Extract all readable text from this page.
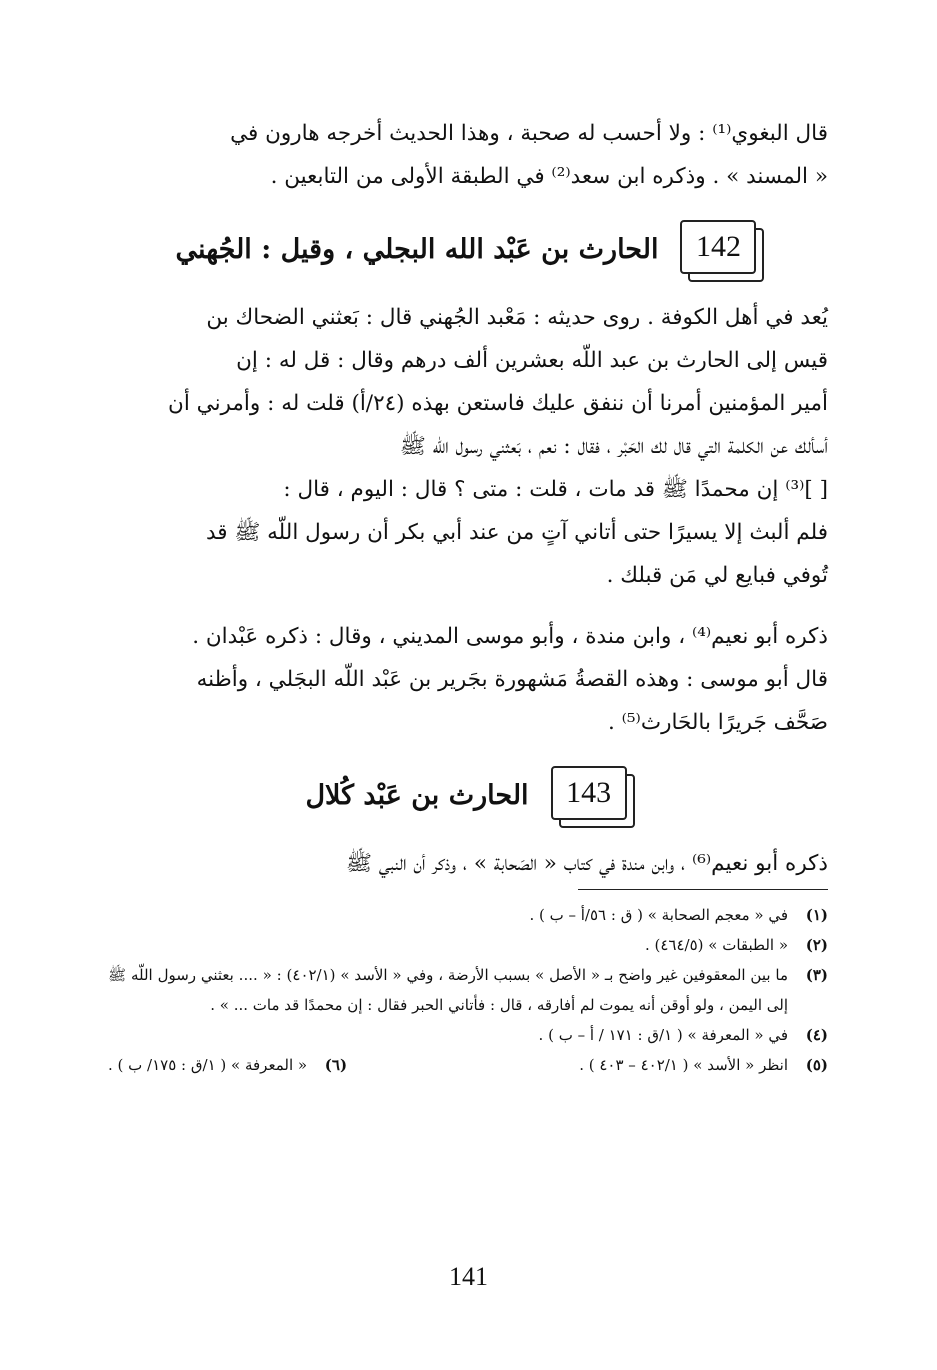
قال البغوي⁽¹⁾ : ولا أحسب له صحبة ، وهذا الحديث أخرجه هارون في

« المسند » . وذكره ابن سعد⁽²⁾ في الطبقة الأولى من التابعين .

142
الحارث بن عَبْد الله البجلي ، وقيل : الجُهني

يُعد في أهل الكوفة . روى حديثه : مَعْبد الجُهني قال : بَعثني الضحاك بن

قيس إلى الحارث بن عبد اللّه بعشرين ألف درهم وقال : قل له : إن

أمير المؤمنين أمرنا أن ننفق عليك فاستعن بهذه (٢٤/أ) قلت له : وأمرني أن

أسألك عن الكلمة التي قال لك الحَبْر ، فقال : نعم ، بَعثني رسول اللّه ﷺ

[ ]⁽³⁾ إن محمدًا ﷺ قد مات ، قلت : متى ؟ قال : اليوم ، قال :

فلم ألبث إلا يسيرًا حتى أتاني آتٍ من عند أبي بكر أن رسول اللّه ﷺ قد

تُوفي فبايع لي مَن قبلك .

ذكره أبو نعيم⁽⁴⁾ ، وابن مندة ، وأبو موسى المديني ، وقال : ذكره عَبْدان .

قال أبو موسى : وهذه القصةُ مَشهورة بجَرير بن عَبْد اللّه البجَلي ، وأظنه

صَحَّف جَريرًا بالحَارث⁽⁵⁾ .

143
الحارث بن عَبْد كُلال

ذكره أبو نعيم⁽⁶⁾ ، وابن مندة في كتاب « الصَحابة » ، وذكر أن النبي ﷺ

(١)
في « معجم الصحابة » ( ق : ٥٦/أ – ب ) .
(٢)
« الطبقات » (٤٦٤/٥) .
(٣)
ما بين المعقوفين غير واضح بـ « الأصل » بسبب الأرضة ، وفي « الأسد » (٤٠٢/١) : « .... بعثني رسول اللّه ﷺ إلى اليمن ، ولو أوقن أنه يموت لم أفارقه ، قال : فأتاني الحبر فقال : إن محمدًا قد مات ... » .
(٤)
في « المعرفة » ( ١/ق : ١٧١ / أ – ب ) .
(٥)
انظر « الأسد » ( ٤٠٢/١ – ٤٠٣ ) .
(٦)
« المعرفة » ( ١/ق : ١٧٥/ ب ) .
141
